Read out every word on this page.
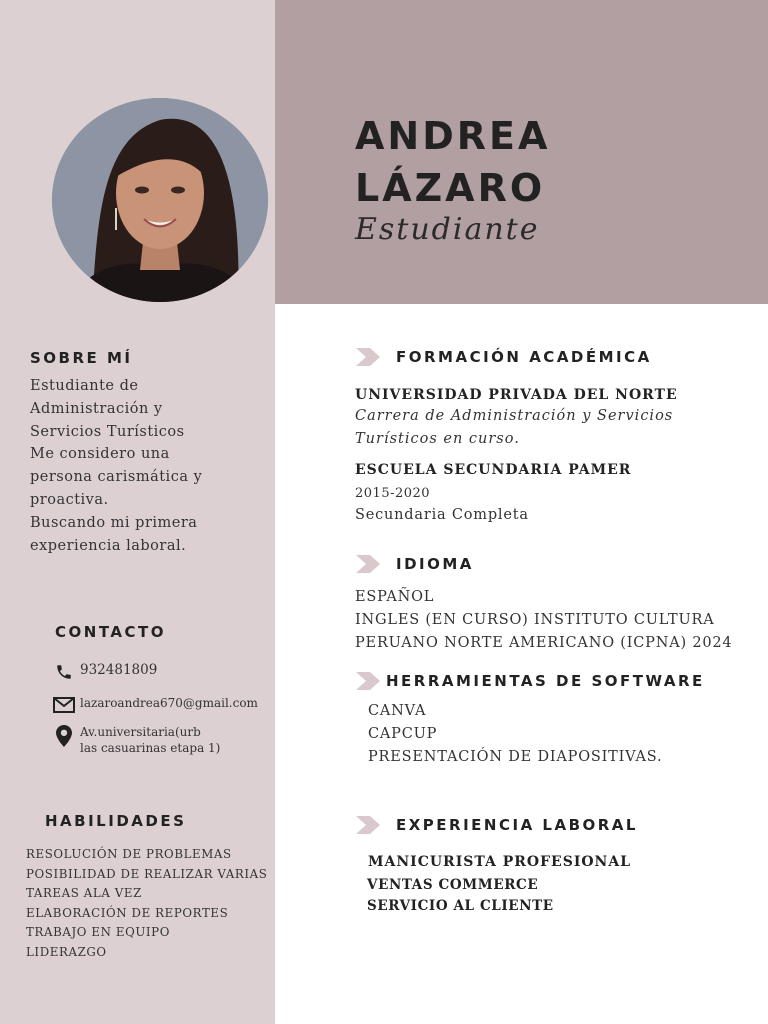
ANDREA
LÁZARO
Estudiante
SOBRE MÍ
Estudiante de
Administración y
Servicios Turísticos
Me considero una
persona carismática y
proactiva.
Buscando mi primera
experiencia laboral.
CONTACTO
932481809
lazaroandrea670@gmail.com
Av.universitaria(urb
las casuarinas etapa 1)
HABILIDADES
RESOLUCIÓN DE PROBLEMAS
POSIBILIDAD DE REALIZAR VARIAS
TAREAS ALA VEZ
ELABORACIÓN DE REPORTES
TRABAJO EN EQUIPO
LIDERAZGO
FORMACIÓN ACADÉMICA
UNIVERSIDAD PRIVADA DEL NORTE
Carrera de Administración y Servicios
Turísticos en curso.
ESCUELA SECUNDARIA PAMER
2015-2020
Secundaria Completa
IDIOMA
ESPAÑOL
INGLES (EN CURSO) INSTITUTO CULTURA
PERUANO NORTE AMERICANO (ICPNA) 2024
HERRAMIENTAS DE SOFTWARE
CANVA
CAPCUP
PRESENTACIÓN DE DIAPOSITIVAS.
EXPERIENCIA LABORAL
MANICURISTA PROFESIONAL
VENTAS COMMERCE
SERVICIO AL CLIENTE
